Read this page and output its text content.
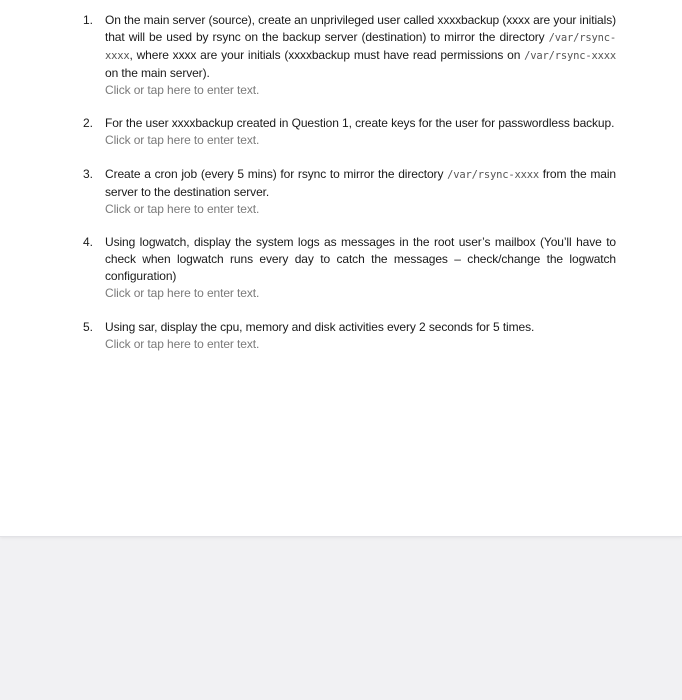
1. On the main server (source), create an unprivileged user called xxxxbackup (xxxx are your initials) that will be used by rsync on the backup server (destination) to mirror the directory /var/rsync-xxxx, where xxxx are your initials (xxxxbackup must have read permissions on /var/rsync-xxxx on the main server).
Click or tap here to enter text.
2. For the user xxxxbackup created in Question 1, create keys for the user for passwordless backup.
Click or tap here to enter text.
3. Create a cron job (every 5 mins) for rsync to mirror the directory /var/rsync-xxxx from the main server to the destination server.
Click or tap here to enter text.
4. Using logwatch, display the system logs as messages in the root user’s mailbox (You’ll have to check when logwatch runs every day to catch the messages – check/change the logwatch configuration)
Click or tap here to enter text.
5. Using sar, display the cpu, memory and disk activities every 2 seconds for 5 times.
Click or tap here to enter text.
